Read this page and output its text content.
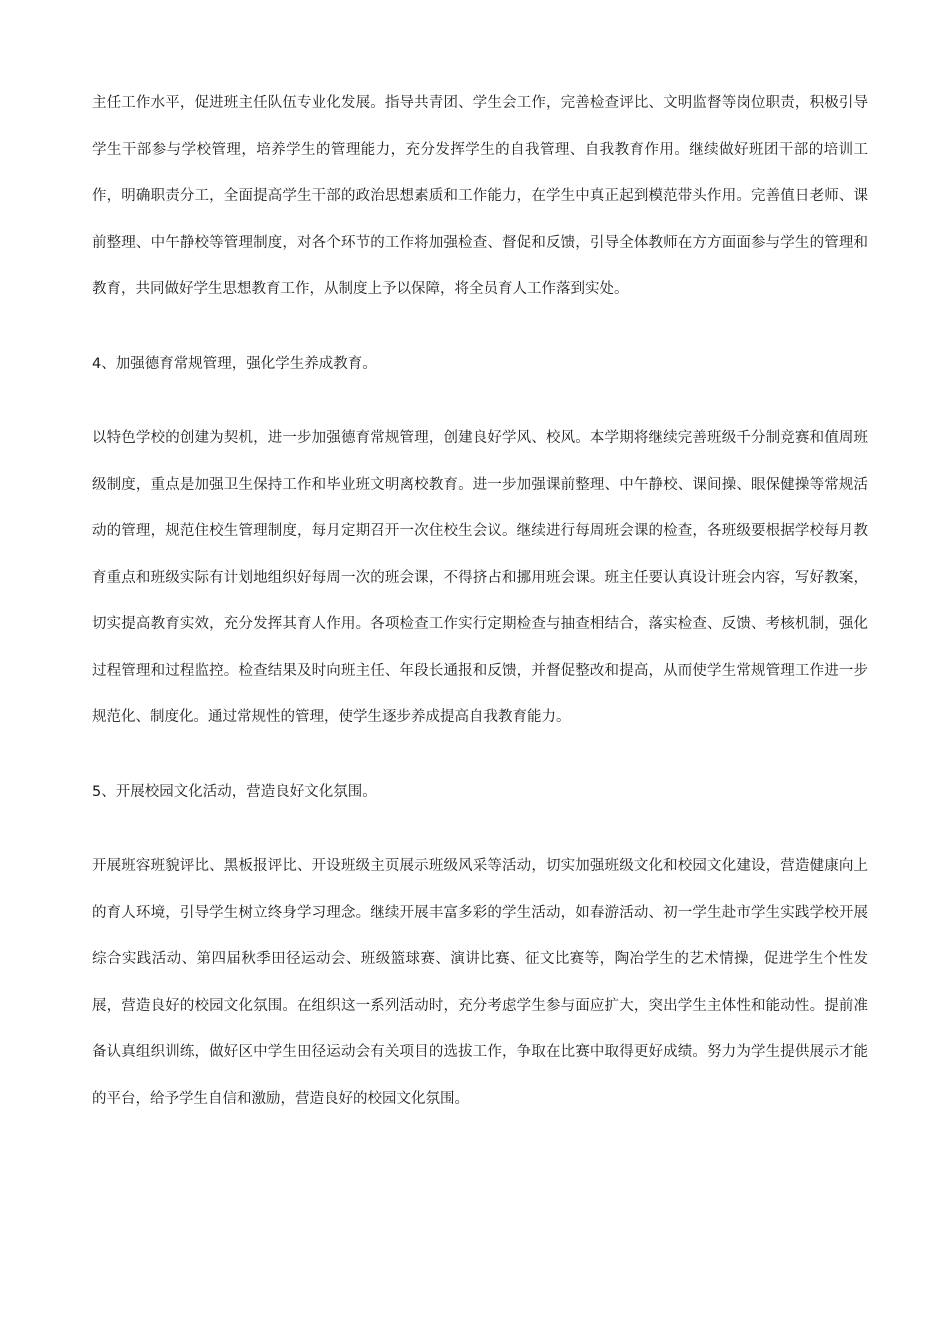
主任工作水平，促进班主任队伍专业化发展。指导共青团、学生会工作，完善检查评比、文明监督等岗位职责，积极引导学生干部参与学校管理，培养学生的管理能力，充分发挥学生的自我管理、自我教育作用。继续做好班团干部的培训工作，明确职责分工，全面提高学生干部的政治思想素质和工作能力，在学生中真正起到模范带头作用。完善值日老师、课前整理、中午静校等管理制度，对各个环节的工作将加强检查、督促和反馈，引导全体教师在方方面面参与学生的管理和教育，共同做好学生思想教育工作，从制度上予以保障，将全员育人工作落到实处。

4、加强德育常规管理，强化学生养成教育。

以特色学校的创建为契机，进一步加强德育常规管理，创建良好学风、校风。本学期将继续完善班级千分制竞赛和值周班级制度，重点是加强卫生保持工作和毕业班文明离校教育。进一步加强课前整理、中午静校、课间操、眼保健操等常规活动的管理，规范住校生管理制度，每月定期召开一次住校生会议。继续进行每周班会课的检查，各班级要根据学校每月教育重点和班级实际有计划地组织好每周一次的班会课，不得挤占和挪用班会课。班主任要认真设计班会内容，写好教案，切实提高教育实效，充分发挥其育人作用。各项检查工作实行定期检查与抽查相结合，落实检查、反馈、考核机制，强化过程管理和过程监控。检查结果及时向班主任、年段长通报和反馈，并督促整改和提高，从而使学生常规管理工作进一步规范化、制度化。通过常规性的管理，使学生逐步养成提高自我教育能力。

5、开展校园文化活动，营造良好文化氛围。

开展班容班貌评比、黑板报评比、开设班级主页展示班级风采等活动，切实加强班级文化和校园文化建设，营造健康向上的育人环境，引导学生树立终身学习理念。继续开展丰富多彩的学生活动，如春游活动、初一学生赴市学生实践学校开展综合实践活动、第四届秋季田径运动会、班级篮球赛、演讲比赛、征文比赛等，陶冶学生的艺术情操，促进学生个性发展，营造良好的校园文化氛围。在组织这一系列活动时，充分考虑学生参与面应扩大，突出学生主体性和能动性。提前准备认真组织训练，做好区中学生田径运动会有关项目的选拔工作，争取在比赛中取得更好成绩。努力为学生提供展示才能的平台，给予学生自信和激励，营造良好的校园文化氛围。
